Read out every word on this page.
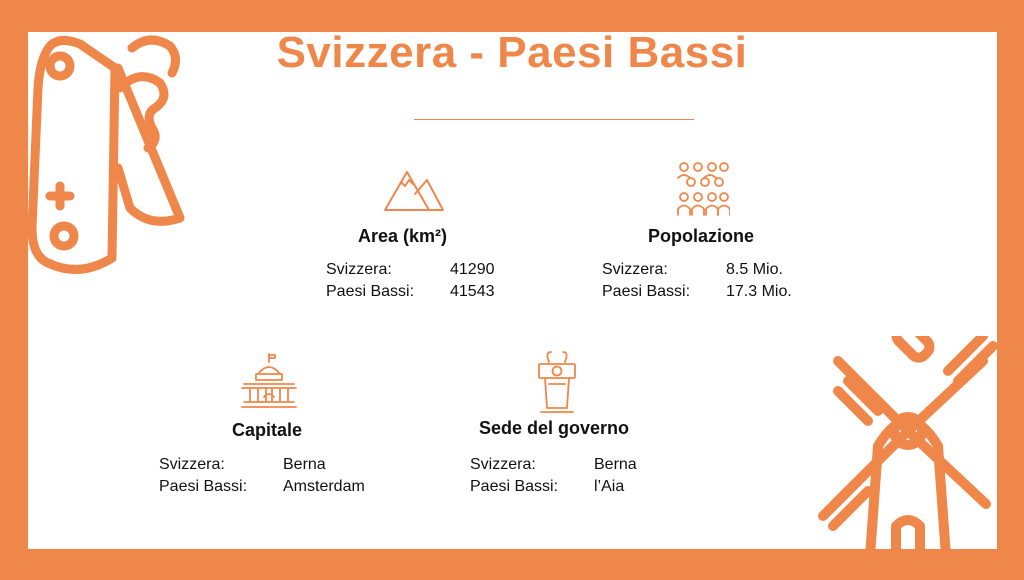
Svizzera - Paesi Bassi
Area (km²)
Svizzera:	41290
Paesi Bassi: 41543
Popolazione
Svizzera:	8.5 Mio.
Paesi Bassi: 17.3 Mio.
Capitale
Svizzera:	Berna
Paesi Bassi: Amsterdam
Sede del governo
Svizzera:	Berna
Paesi Bassi: l’Aia
